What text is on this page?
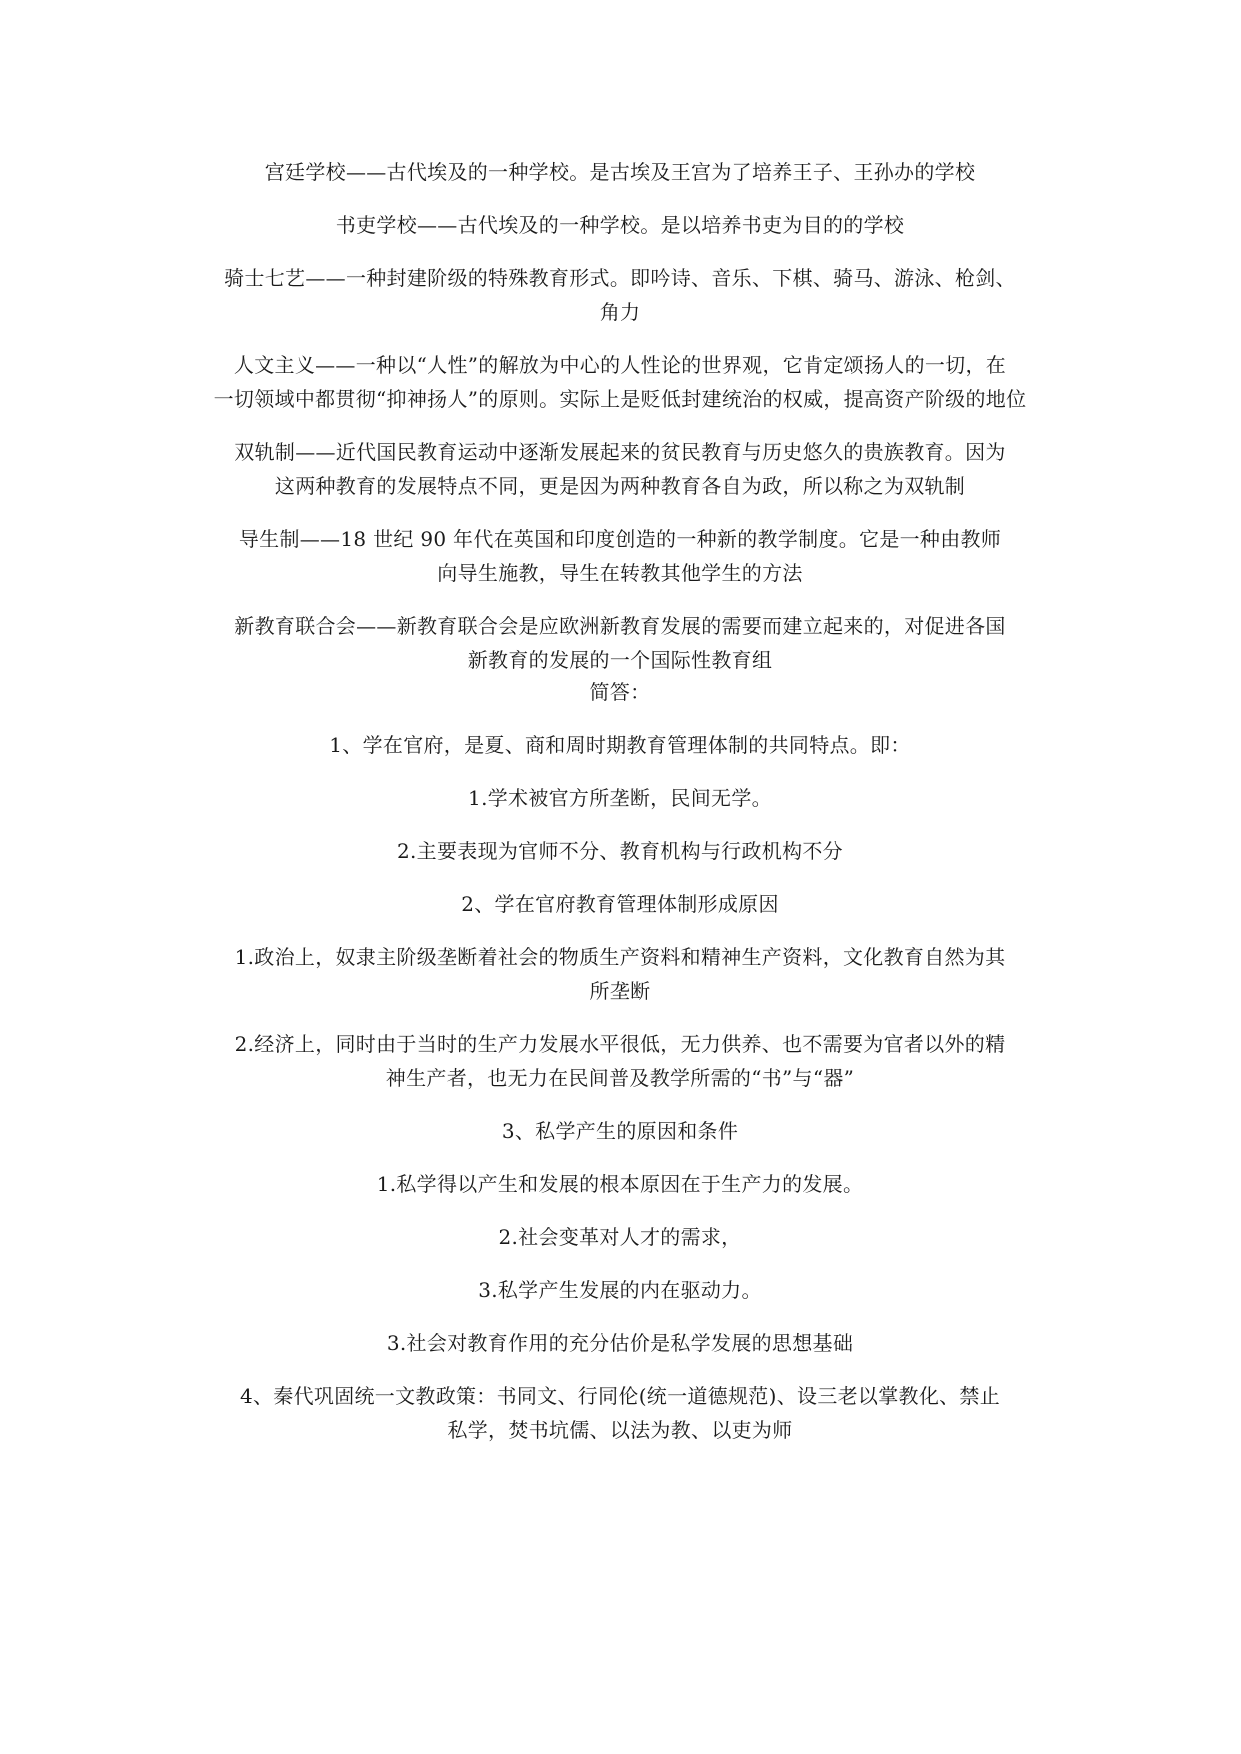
宫廷学校——古代埃及的一种学校。是古埃及王宫为了培养王子、王孙办的学校
书吏学校——古代埃及的一种学校。是以培养书吏为目的的学校
骑士七艺——一种封建阶级的特殊教育形式。即吟诗、音乐、下棋、骑马、游泳、枪剑、
角力
人文主义——一种以“人性”的解放为中心的人性论的世界观，它肯定颂扬人的一切，在
一切领域中都贯彻“抑神扬人”的原则。实际上是贬低封建统治的权威，提高资产阶级的地位
双轨制——近代国民教育运动中逐渐发展起来的贫民教育与历史悠久的贵族教育。因为
这两种教育的发展特点不同，更是因为两种教育各自为政，所以称之为双轨制
导生制——18 世纪 90 年代在英国和印度创造的一种新的教学制度。它是一种由教师
向导生施教，导生在转教其他学生的方法
新教育联合会——新教育联合会是应欧洲新教育发展的需要而建立起来的，对促进各国
新教育的发展的一个国际性教育组
简答：
1、学在官府，是夏、商和周时期教育管理体制的共同特点。即：
1.学术被官方所垄断，民间无学。
2.主要表现为官师不分、教育机构与行政机构不分
2、学在官府教育管理体制形成原因
1.政治上，奴隶主阶级垄断着社会的物质生产资料和精神生产资料，文化教育自然为其
所垄断
2.经济上，同时由于当时的生产力发展水平很低，无力供养、也不需要为官者以外的精
神生产者，也无力在民间普及教学所需的“书”与“器”
3、私学产生的原因和条件
1.私学得以产生和发展的根本原因在于生产力的发展。
2.社会变革对人才的需求，
3.私学产生发展的内在驱动力。
3.社会对教育作用的充分估价是私学发展的思想基础
4、秦代巩固统一文教政策：书同文、行同伦(统一道德规范)、设三老以掌教化、禁止
私学，焚书坑儒、以法为教、以吏为师
